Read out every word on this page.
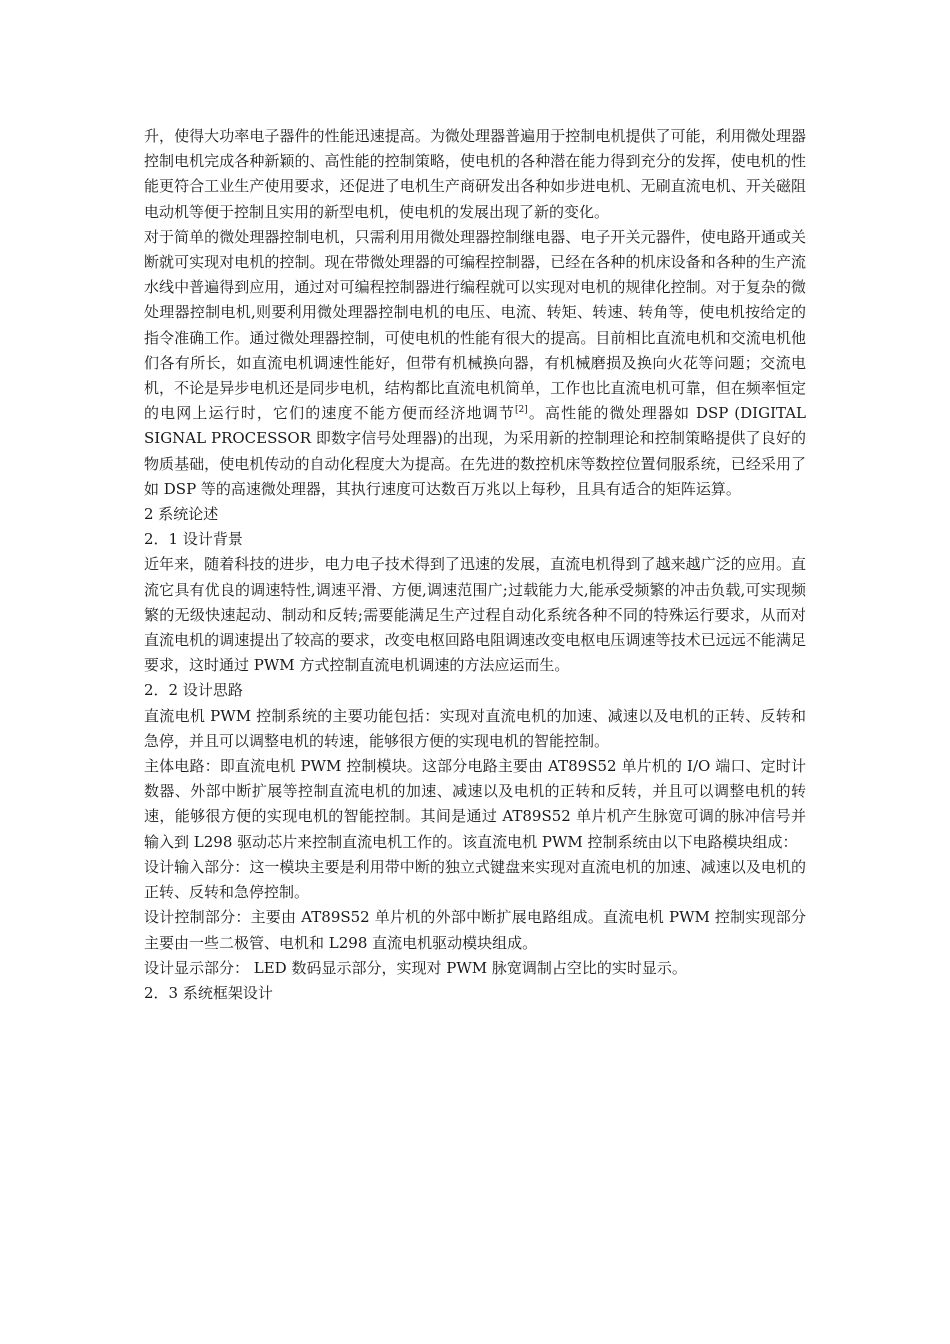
升，使得大功率电子器件的性能迅速提高。为微处理器普遍用于控制电机提供了可能，利用微处理器控制电机完成各种新颖的、高性能的控制策略，使电机的各种潜在能力得到充分的发挥，使电机的性能更符合工业生产使用要求，还促进了电机生产商研发出各种如步进电机、无刷直流电机、开关磁阻电动机等便于控制且实用的新型电机，使电机的发展出现了新的变化。

对于简单的微处理器控制电机，只需利用用微处理器控制继电器、电子开关元器件，使电路开通或关断就可实现对电机的控制。现在带微处理器的可编程控制器，已经在各种的机床设备和各种的生产流水线中普遍得到应用，通过对可编程控制器进行编程就可以实现对电机的规律化控制。对于复杂的微处理器控制电机,则要利用微处理器控制电机的电压、电流、转矩、转速、转角等，使电机按给定的指令准确工作。通过微处理器控制，可使电机的性能有很大的提高。目前相比直流电机和交流电机他们各有所长，如直流电机调速性能好，但带有机械换向器，有机械磨损及换向火花等问题；交流电机，不论是异步电机还是同步电机，结构都比直流电机简单，工作也比直流电机可靠，但在频率恒定的电网上运行时，它们的速度不能方便而经济地调节[2]。高性能的微处理器如 DSP (DIGITAL SIGNAL PROCESSOR 即数字信号处理器)的出现，为采用新的控制理论和控制策略提供了良好的物质基础，使电机传动的自动化程度大为提高。在先进的数控机床等数控位置伺服系统，已经采用了如 DSP 等的高速微处理器，其执行速度可达数百万兆以上每秒，且具有适合的矩阵运算。

2 系统论述

2．1 设计背景

近年来，随着科技的进步，电力电子技术得到了迅速的发展，直流电机得到了越来越广泛的应用。直流它具有优良的调速特性,调速平滑、方便,调速范围广;过载能力大,能承受频繁的冲击负载,可实现频繁的无级快速起动、制动和反转;需要能满足生产过程自动化系统各种不同的特殊运行要求，从而对直流电机的调速提出了较高的要求，改变电枢回路电阻调速改变电枢电压调速等技术已远远不能满足要求，这时通过 PWM 方式控制直流电机调速的方法应运而生。

2．2 设计思路

直流电机 PWM 控制系统的主要功能包括：实现对直流电机的加速、减速以及电机的正转、反转和急停，并且可以调整电机的转速，能够很方便的实现电机的智能控制。

主体电路：即直流电机 PWM 控制模块。这部分电路主要由 AT89S52 单片机的 I/O 端口、定时计数器、外部中断扩展等控制直流电机的加速、减速以及电机的正转和反转，并且可以调整电机的转速，能够很方便的实现电机的智能控制。其间是通过 AT89S52 单片机产生脉宽可调的脉冲信号并输入到 L298 驱动芯片来控制直流电机工作的。该直流电机 PWM 控制系统由以下电路模块组成：

设计输入部分：这一模块主要是利用带中断的独立式键盘来实现对直流电机的加速、减速以及电机的正转、反转和急停控制。

设计控制部分：主要由 AT89S52 单片机的外部中断扩展电路组成。直流电机 PWM 控制实现部分主要由一些二极管、电机和 L298 直流电机驱动模块组成。

设计显示部分： LED 数码显示部分，实现对 PWM 脉宽调制占空比的实时显示。

2．3 系统框架设计
